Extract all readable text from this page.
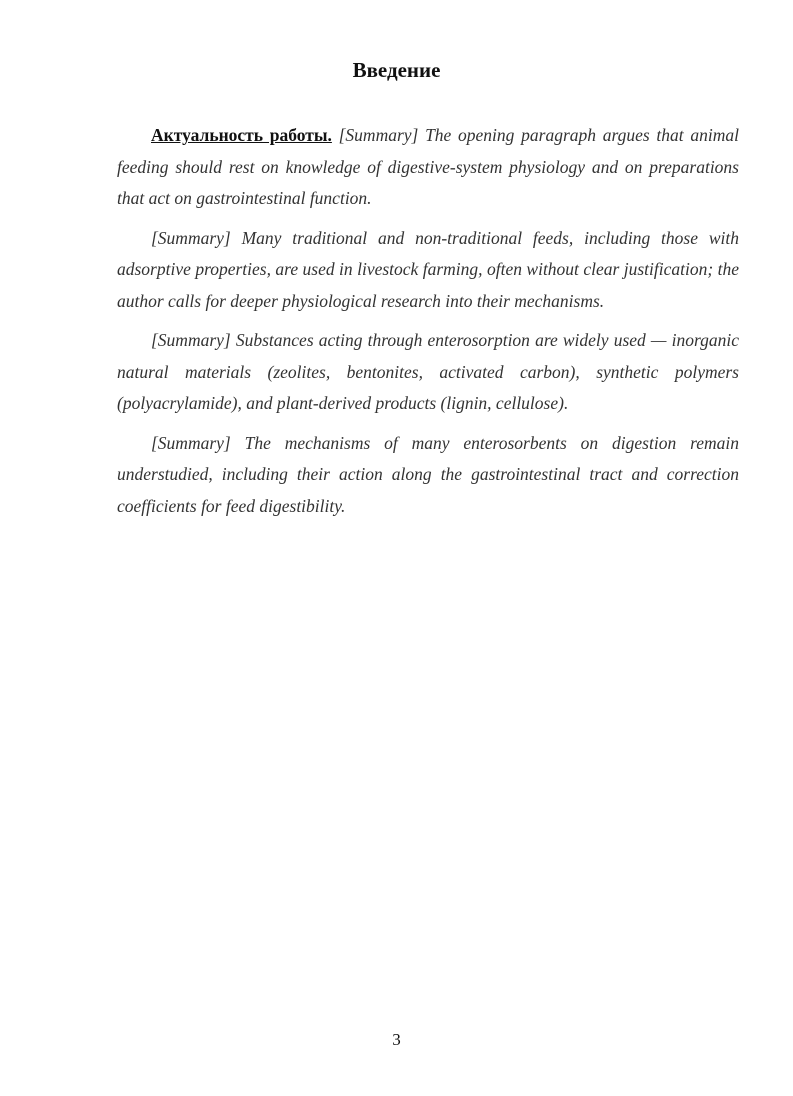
Введение

Актуальность работы. [Summary] The opening paragraph argues that animal feeding should rest on knowledge of digestive-system physiology and on preparations that act on gastrointestinal function.

[Summary] Many traditional and non-traditional feeds, including those with adsorptive properties, are used in livestock farming, often without clear justification; the author calls for deeper physiological research into their mechanisms.

[Summary] Substances acting through enterosorption are widely used — inorganic natural materials (zeolites, bentonites, activated carbon), synthetic polymers (polyacrylamide), and plant-derived products (lignin, cellulose).

[Summary] The mechanisms of many enterosorbents on digestion remain understudied, including their action along the gastrointestinal tract and correction coefficients for feed digestibility.

3
